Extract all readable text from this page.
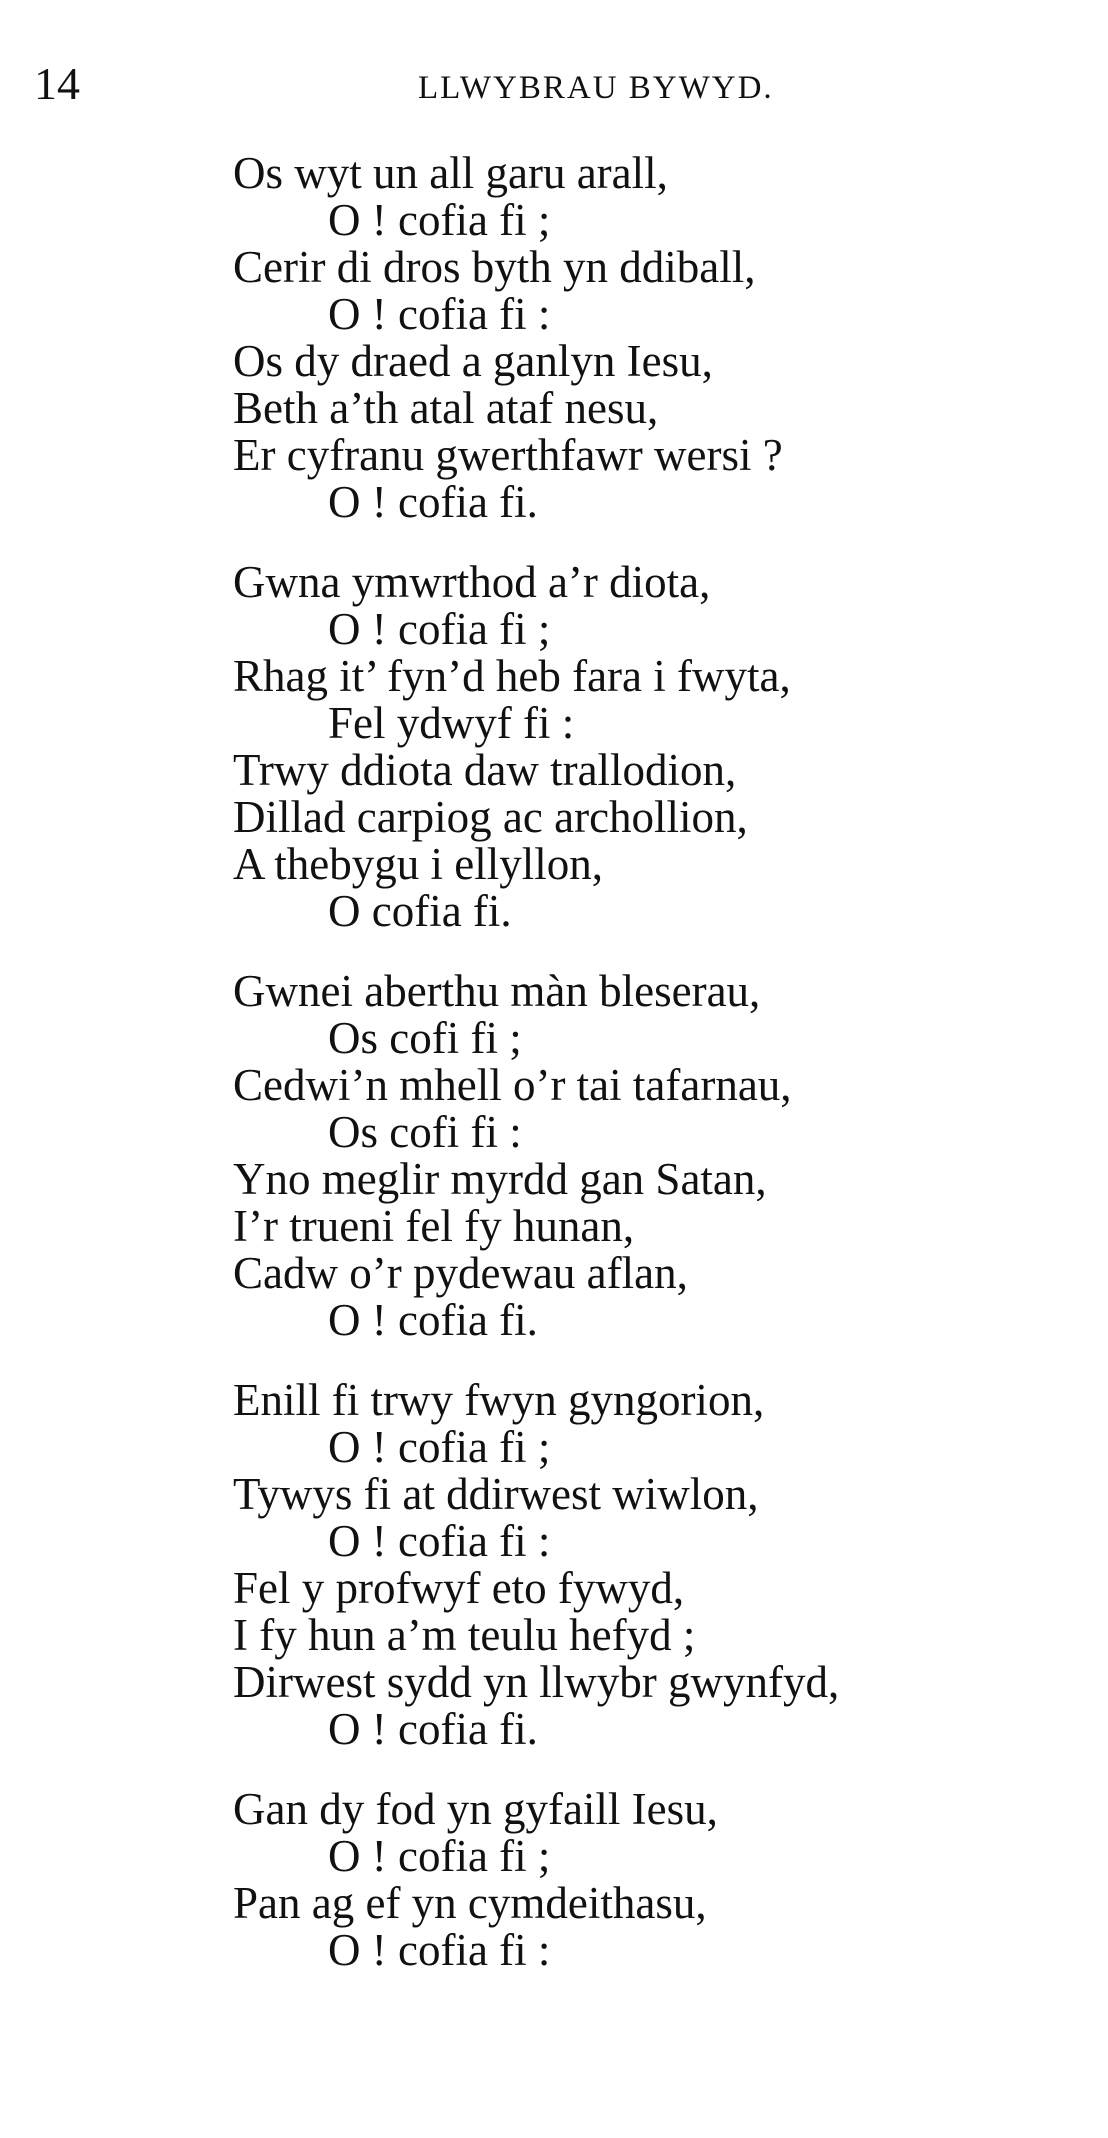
14	LLWYBRAU BYWYD.
Os wyt un all garu arall,
O ! cofia fi ;
Cerir di dros byth yn ddiball,
O ! cofia fi :
Os dy draed a ganlyn Iesu,
Beth a’th atal ataf nesu,
Er cyfranu gwerthfawr wersi ?
O ! cofia fi.
Gwna ymwrthod a’r diota,
O ! cofia fi ;
Rhag it’ fyn’d heb fara i fwyta,
Fel ydwyf fi :
Trwy ddiota daw trallodion,
Dillad carpiog ac archollion,
A thebygu i ellyllon,
O cofia fi.
Gwnei aberthu màn bleserau,
Os cofi fi ;
Cedwi’n mhell o’r tai tafarnau,
Os cofi fi :
Yno meglir myrdd gan Satan,
I’r trueni fel fy hunan,
Cadw o’r pydewau aflan,
O ! cofia fi.
Enill fi trwy fwyn gyngorion,
O ! cofia fi ;
Tywys fi at ddirwest wiwlon,
O ! cofia fi :
Fel y profwyf eto fywyd,
I fy hun a’m teulu hefyd ;
Dirwest sydd yn llwybr gwynfyd,
O ! cofia fi.
Gan dy fod yn gyfaill Iesu,
O ! cofia fi ;
Pan ag ef yn cymdeithasu,
O ! cofia fi :
